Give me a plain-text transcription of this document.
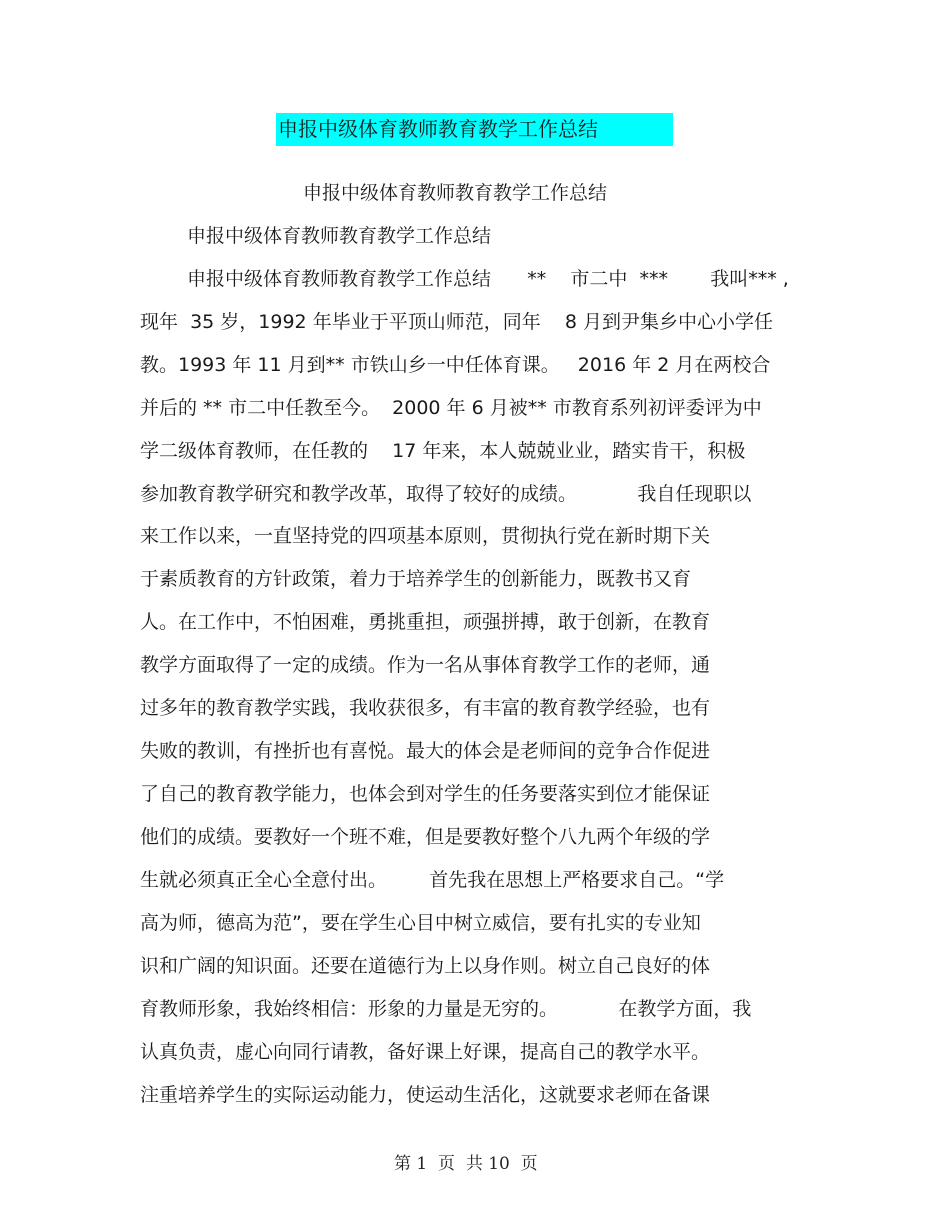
申报中级体育教师教育教学工作总结
申报中级体育教师教育教学工作总结
申报中级体育教师教育教学工作总结
申报中级体育教师教育教学工作总结      **    市二中  ***       我叫*** ,
现年  35 岁，1992 年毕业于平顶山师范，同年    8 月到尹集乡中心小学任
教。1993 年 11 月到** 市铁山乡一中任体育课。   2016 年 2 月在两校合
并后的 ** 市二中任教至今。  2000 年 6 月被** 市教育系列初评委评为中
学二级体育教师，在任教的    17 年来，本人兢兢业业，踏实肯干，积极
参加教育教学研究和教学改革，取得了较好的成绩。          我自任现职以
来工作以来，一直坚持党的四项基本原则，贯彻执行党在新时期下关
于素质教育的方针政策，着力于培养学生的创新能力，既教书又育
人。在工作中，不怕困难，勇挑重担，顽强拼搏，敢于创新，在教育
教学方面取得了一定的成绩。作为一名从事体育教学工作的老师，通
过多年的教育教学实践，我收获很多，有丰富的教育教学经验，也有
失败的教训，有挫折也有喜悦。最大的体会是老师间的竞争合作促进
了自己的教育教学能力，也体会到对学生的任务要落实到位才能保证
他们的成绩。要教好一个班不难，但是要教好整个八九两个年级的学
生就必须真正全心全意付出。       首先我在思想上严格要求自己。“学
高为师，德高为范”，要在学生心目中树立威信，要有扎实的专业知
识和广阔的知识面。还要在道德行为上以身作则。树立自己良好的体
育教师形象，我始终相信：形象的力量是无穷的。          在教学方面，我
认真负责，虚心向同行请教，备好课上好课，提高自己的教学水平。
注重培养学生的实际运动能力，使运动生活化，这就要求老师在备课
第 1  页  共 10  页
